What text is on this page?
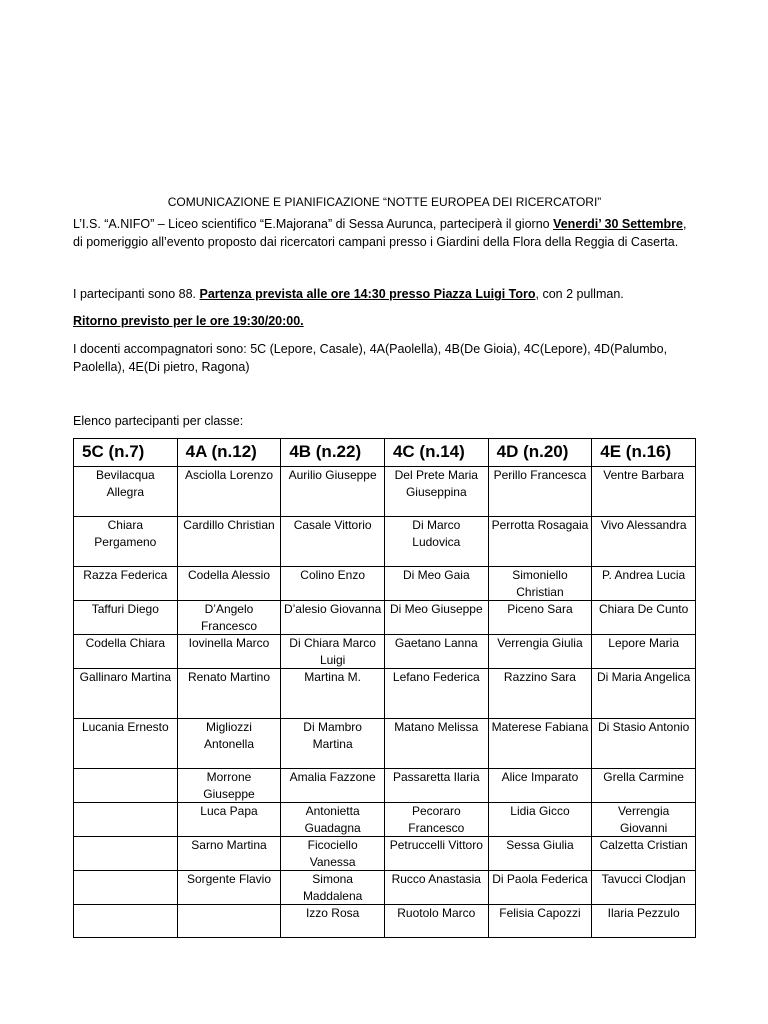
COMUNICAZIONE E PIANIFICAZIONE “NOTTE EUROPEA DEI RICERCATORI”
L’I.S. “A.NIFO” – Liceo scientifico “E.Majorana” di Sessa Aurunca, parteciperà il giorno Venerdi’ 30 Settembre, di pomeriggio all’evento proposto dai ricercatori campani presso i Giardini della Flora della Reggia di Caserta.
I partecipanti sono 88. Partenza prevista alle ore 14:30 presso Piazza Luigi Toro, con 2 pullman.
Ritorno previsto per le ore 19:30/20:00.
I docenti accompagnatori sono: 5C (Lepore, Casale), 4A(Paolella), 4B(De Gioia), 4C(Lepore), 4D(Palumbo, Paolella), 4E(Di pietro, Ragona)
Elenco partecipanti per classe:
5C (n.7)	4A (n.12)	4B (n.22)	4C (n.14)	4D (n.20)	4E (n.16)
Bevilacqua Allegra	Asciolla Lorenzo	Aurilio Giuseppe	Del Prete Maria Giuseppina	Perillo Francesca	Ventre Barbara
Chiara Pergameno	Cardillo Christian	Casale Vittorio	Di Marco Ludovica	Perrotta Rosagaia	Vivo Alessandra
Razza Federica	Codella Alessio	Colino Enzo	Di Meo Gaia	Simoniello Christian	P. Andrea Lucia
Taffuri Diego	D’Angelo Francesco	D’alesio Giovanna	Di Meo Giuseppe	Piceno Sara	Chiara De Cunto
Codella Chiara	Iovinella Marco	Di Chiara Marco Luigi	Gaetano Lanna	Verrengia Giulia	Lepore Maria
Gallinaro Martina	Renato Martino	Martina M.	Lefano Federica	Razzino Sara	Di Maria Angelica
Lucania Ernesto	Migliozzi Antonella	Di Mambro Martina	Matano Melissa	Materese Fabiana	Di Stasio Antonio
	Morrone Giuseppe	Amalia Fazzone	Passaretta Ilaria	Alice Imparato	Grella Carmine
	Luca Papa	Antonietta Guadagna	Pecoraro Francesco	Lidia Gicco	Verrengia Giovanni
	Sarno Martina	Ficociello Vanessa	Petruccelli Vittoro	Sessa Giulia	Calzetta Cristian
	Sorgente Flavio	Simona Maddalena	Rucco Anastasia	Di Paola Federica	Tavucci Clodjan
		Izzo Rosa	Ruotolo Marco	Felisia Capozzi	Ilaria Pezzulo
